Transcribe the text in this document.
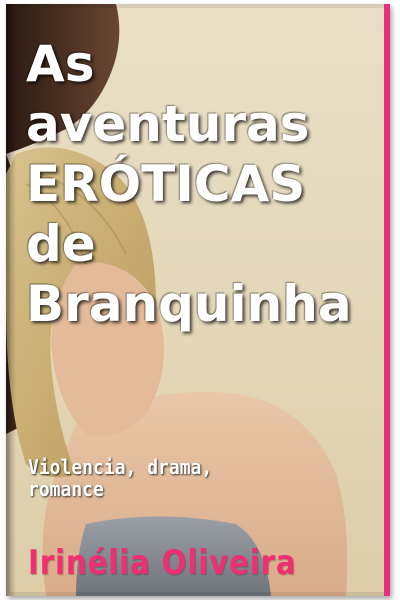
As
aventuras
ERÓTICAS
de
Branquinha
Violencia, drama,
romance
Irinélia Oliveira
